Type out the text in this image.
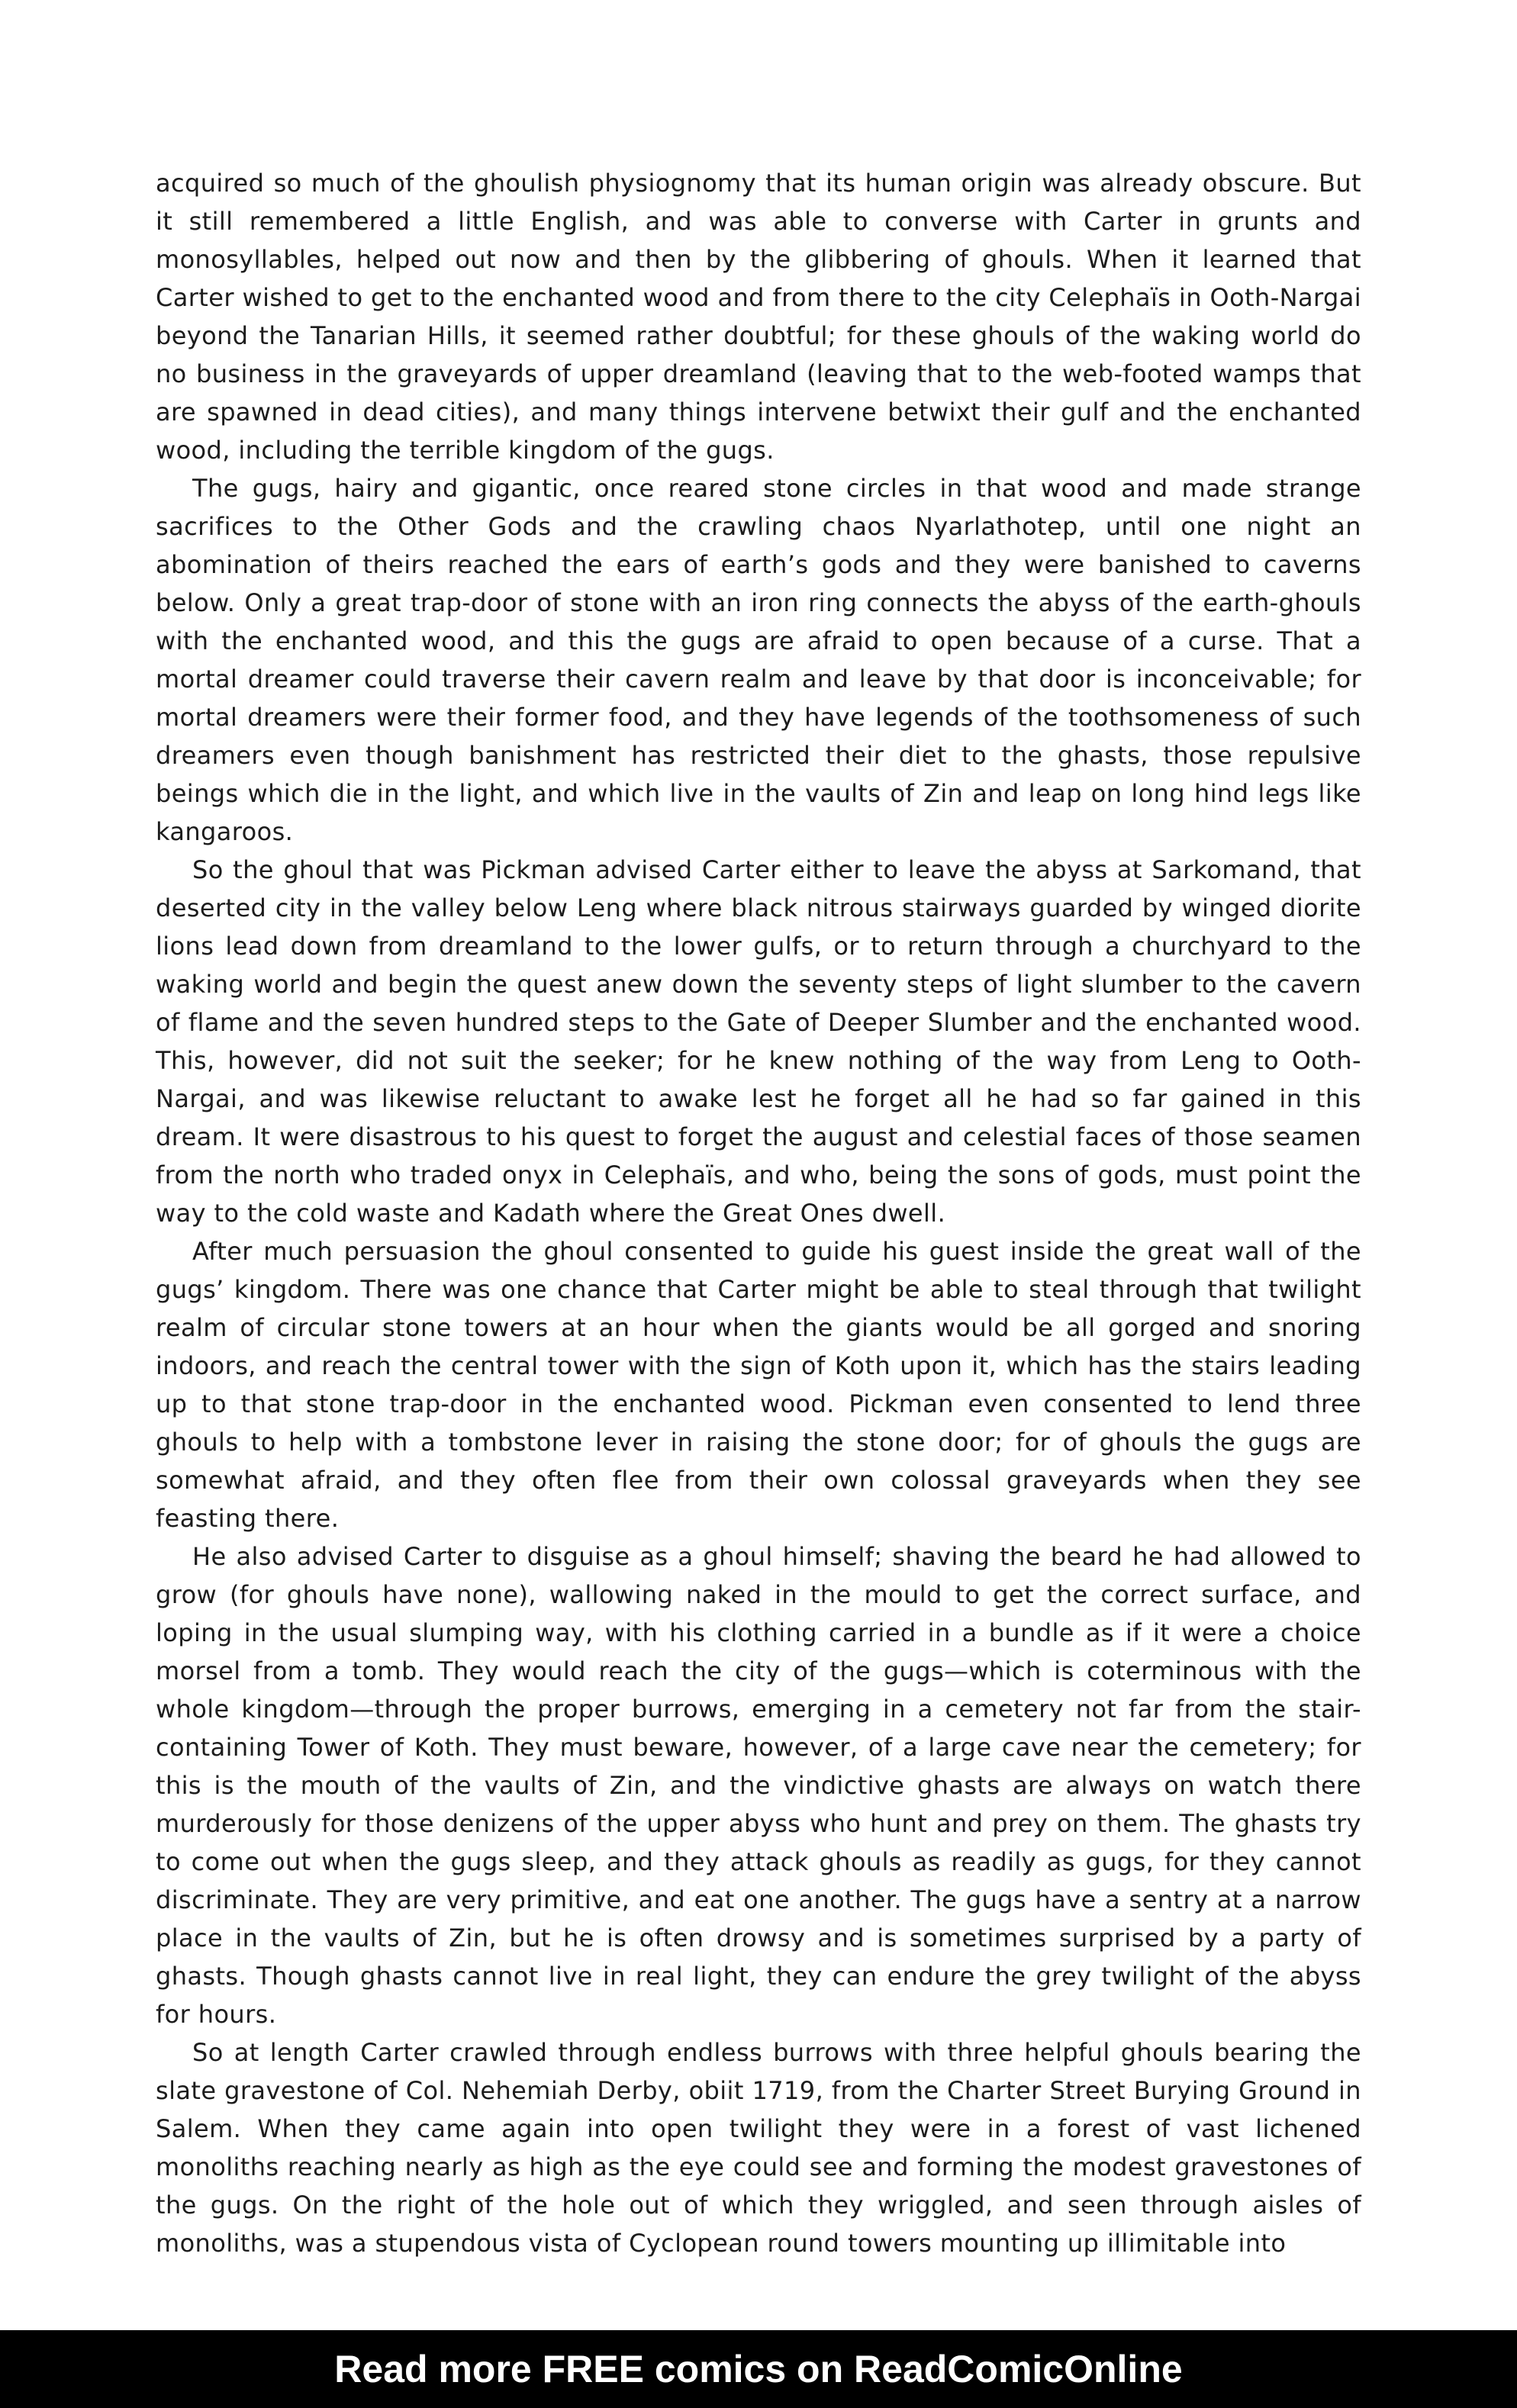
acquired so much of the ghoulish physiognomy that its human origin was already obscure. But it still remembered a little English, and was able to converse with Carter in grunts and monosyllables, helped out now and then by the glibbering of ghouls. When it learned that Carter wished to get to the enchanted wood and from there to the city Celephaïs in Ooth-Nargai beyond the Tanarian Hills, it seemed rather doubtful; for these ghouls of the waking world do no business in the graveyards of upper dreamland (leaving that to the web-footed wamps that are spawned in dead cities), and many things intervene betwixt their gulf and the enchanted wood, including the terrible kingdom of the gugs.

The gugs, hairy and gigantic, once reared stone circles in that wood and made strange sacrifices to the Other Gods and the crawling chaos Nyarlathotep, until one night an abomination of theirs reached the ears of earth’s gods and they were banished to caverns below. Only a great trap-door of stone with an iron ring connects the abyss of the earth-ghouls with the enchanted wood, and this the gugs are afraid to open because of a curse. That a mortal dreamer could traverse their cavern realm and leave by that door is inconceivable; for mortal dreamers were their former food, and they have legends of the toothsomeness of such dreamers even though banishment has restricted their diet to the ghasts, those repulsive beings which die in the light, and which live in the vaults of Zin and leap on long hind legs like kangaroos.

So the ghoul that was Pickman advised Carter either to leave the abyss at Sarkomand, that deserted city in the valley below Leng where black nitrous stairways guarded by winged diorite lions lead down from dreamland to the lower gulfs, or to return through a churchyard to the waking world and begin the quest anew down the seventy steps of light slumber to the cavern of flame and the seven hundred steps to the Gate of Deeper Slumber and the enchanted wood. This, however, did not suit the seeker; for he knew nothing of the way from Leng to Ooth-Nargai, and was likewise reluctant to awake lest he forget all he had so far gained in this dream. It were disastrous to his quest to forget the august and celestial faces of those seamen from the north who traded onyx in Celephaïs, and who, being the sons of gods, must point the way to the cold waste and Kadath where the Great Ones dwell.

After much persuasion the ghoul consented to guide his guest inside the great wall of the gugs’ kingdom. There was one chance that Carter might be able to steal through that twilight realm of circular stone towers at an hour when the giants would be all gorged and snoring indoors, and reach the central tower with the sign of Koth upon it, which has the stairs leading up to that stone trap-door in the enchanted wood. Pickman even consented to lend three ghouls to help with a tombstone lever in raising the stone door; for of ghouls the gugs are somewhat afraid, and they often flee from their own colossal graveyards when they see feasting there.

He also advised Carter to disguise as a ghoul himself; shaving the beard he had allowed to grow (for ghouls have none), wallowing naked in the mould to get the correct surface, and loping in the usual slumping way, with his clothing carried in a bundle as if it were a choice morsel from a tomb. They would reach the city of the gugs—which is coterminous with the whole kingdom—through the proper burrows, emerging in a cemetery not far from the stair-containing Tower of Koth. They must beware, however, of a large cave near the cemetery; for this is the mouth of the vaults of Zin, and the vindictive ghasts are always on watch there murderously for those denizens of the upper abyss who hunt and prey on them. The ghasts try to come out when the gugs sleep, and they attack ghouls as readily as gugs, for they cannot discriminate. They are very primitive, and eat one another. The gugs have a sentry at a narrow place in the vaults of Zin, but he is often drowsy and is sometimes surprised by a party of ghasts. Though ghasts cannot live in real light, they can endure the grey twilight of the abyss for hours.

So at length Carter crawled through endless burrows with three helpful ghouls bearing the slate gravestone of Col. Nehemiah Derby, obiit 1719, from the Charter Street Burying Ground in Salem. When they came again into open twilight they were in a forest of vast lichened monoliths reaching nearly as high as the eye could see and forming the modest gravestones of the gugs. On the right of the hole out of which they wriggled, and seen through aisles of monoliths, was a stupendous vista of Cyclopean round towers mounting up illimitable into

Read more FREE comics on ReadComicOnline
